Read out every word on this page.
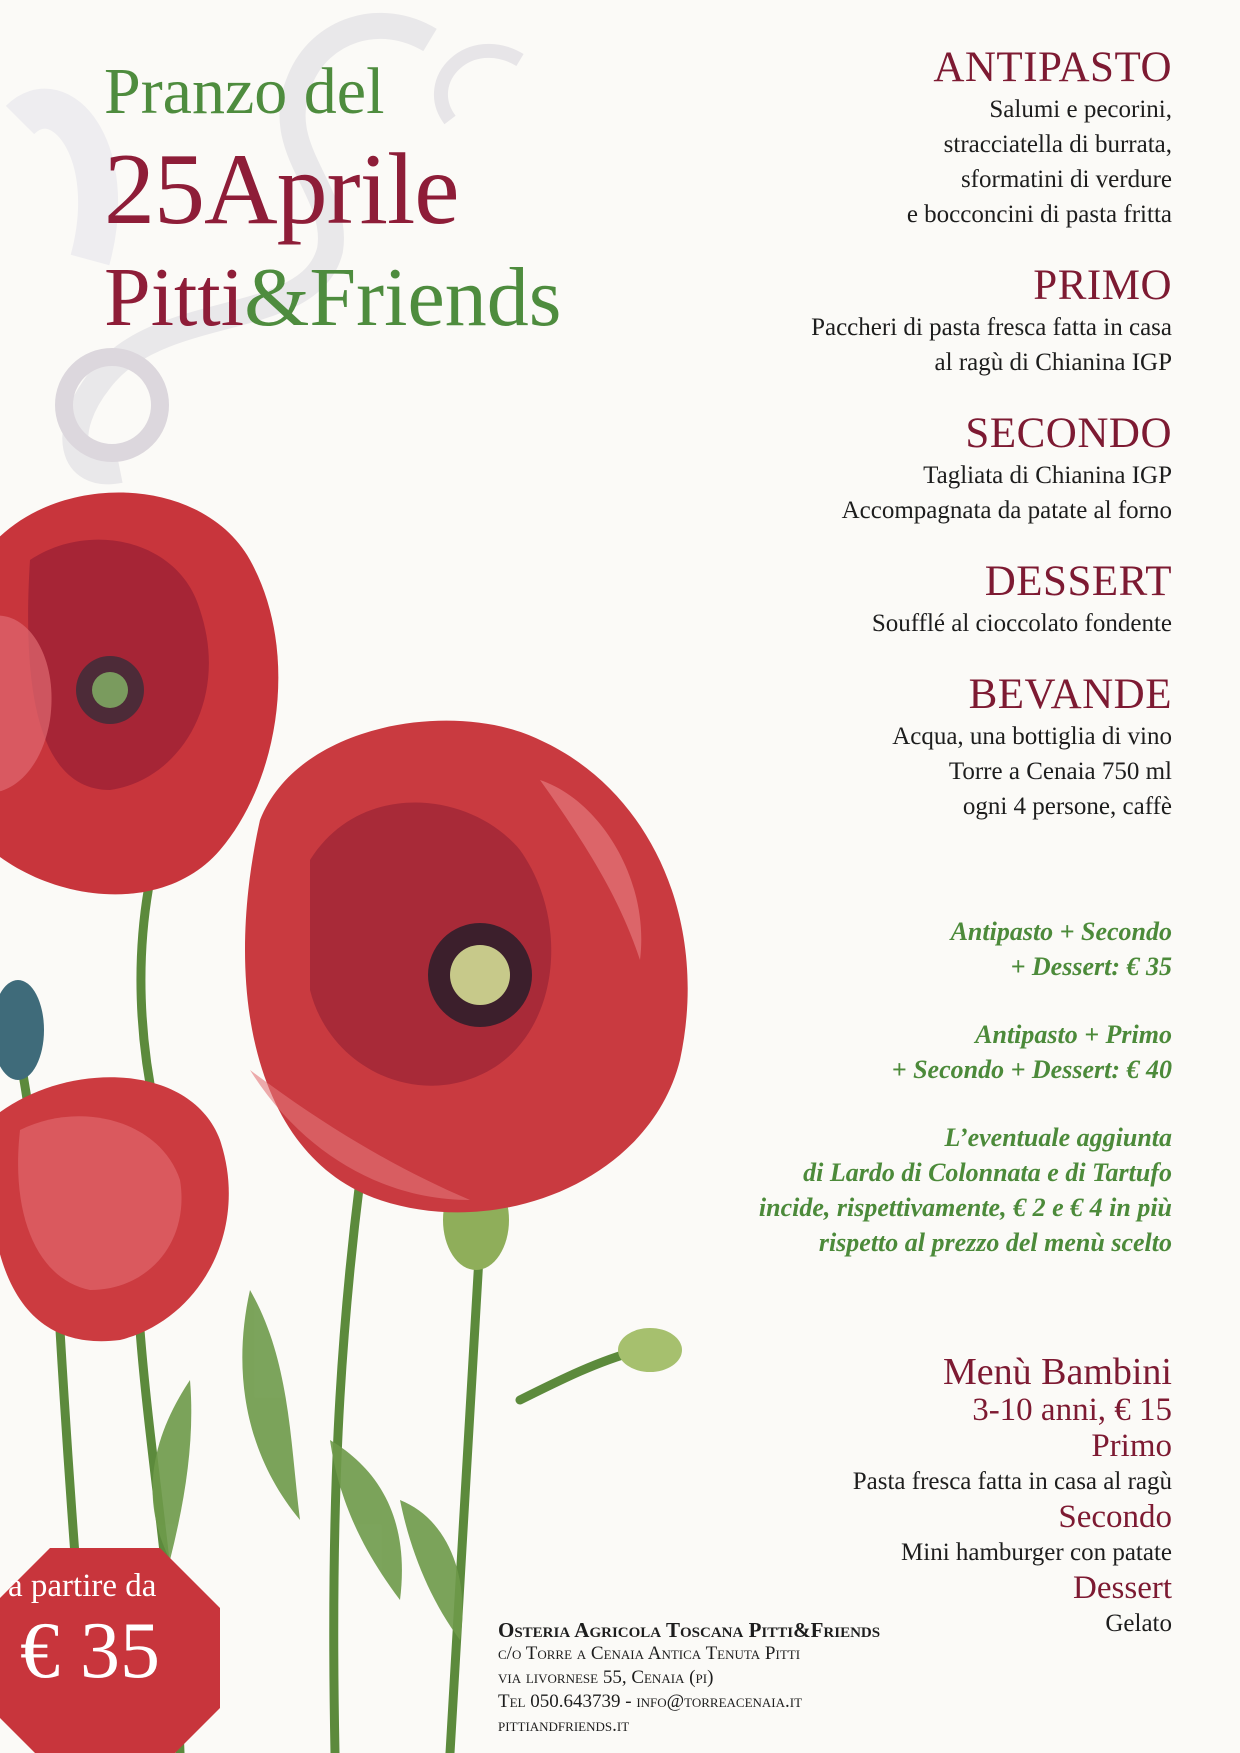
Pranzo del
25Aprile
Pitti&Friends
ANTIPASTO
Salumi e pecorini,
stracciatella di burrata,
sformatini di verdure
e bocconcini di pasta fritta
PRIMO
Paccheri di pasta fresca fatta in casa
al ragù di Chianina IGP
SECONDO
Tagliata di Chianina IGP
Accompagnata da patate al forno
DESSERT
Soufflé al cioccolato fondente
BEVANDE
Acqua, una bottiglia di vino
Torre a Cenaia 750 ml
ogni 4 persone, caffè
Antipasto + Secondo
+ Dessert: € 35
Antipasto + Primo
+ Secondo + Dessert: € 40
L’eventuale aggiunta
di Lardo di Colonnata e di Tartufo
incide, rispettivamente, € 2 e € 4 in più
rispetto al prezzo del menù scelto
Menù Bambini
3-10 anni, € 15
Primo
Pasta fresca fatta in casa al ragù
Secondo
Mini hamburger con patate
Dessert
Gelato
Osteria Agricola Toscana Pitti&Friends
c/o Torre a Cenaia Antica Tenuta Pitti
via livornese 55, Cenaia (pi)
Tel 050.643739 - info@torreacenaia.it
pittiandfriends.it
a partire da
€ 35
